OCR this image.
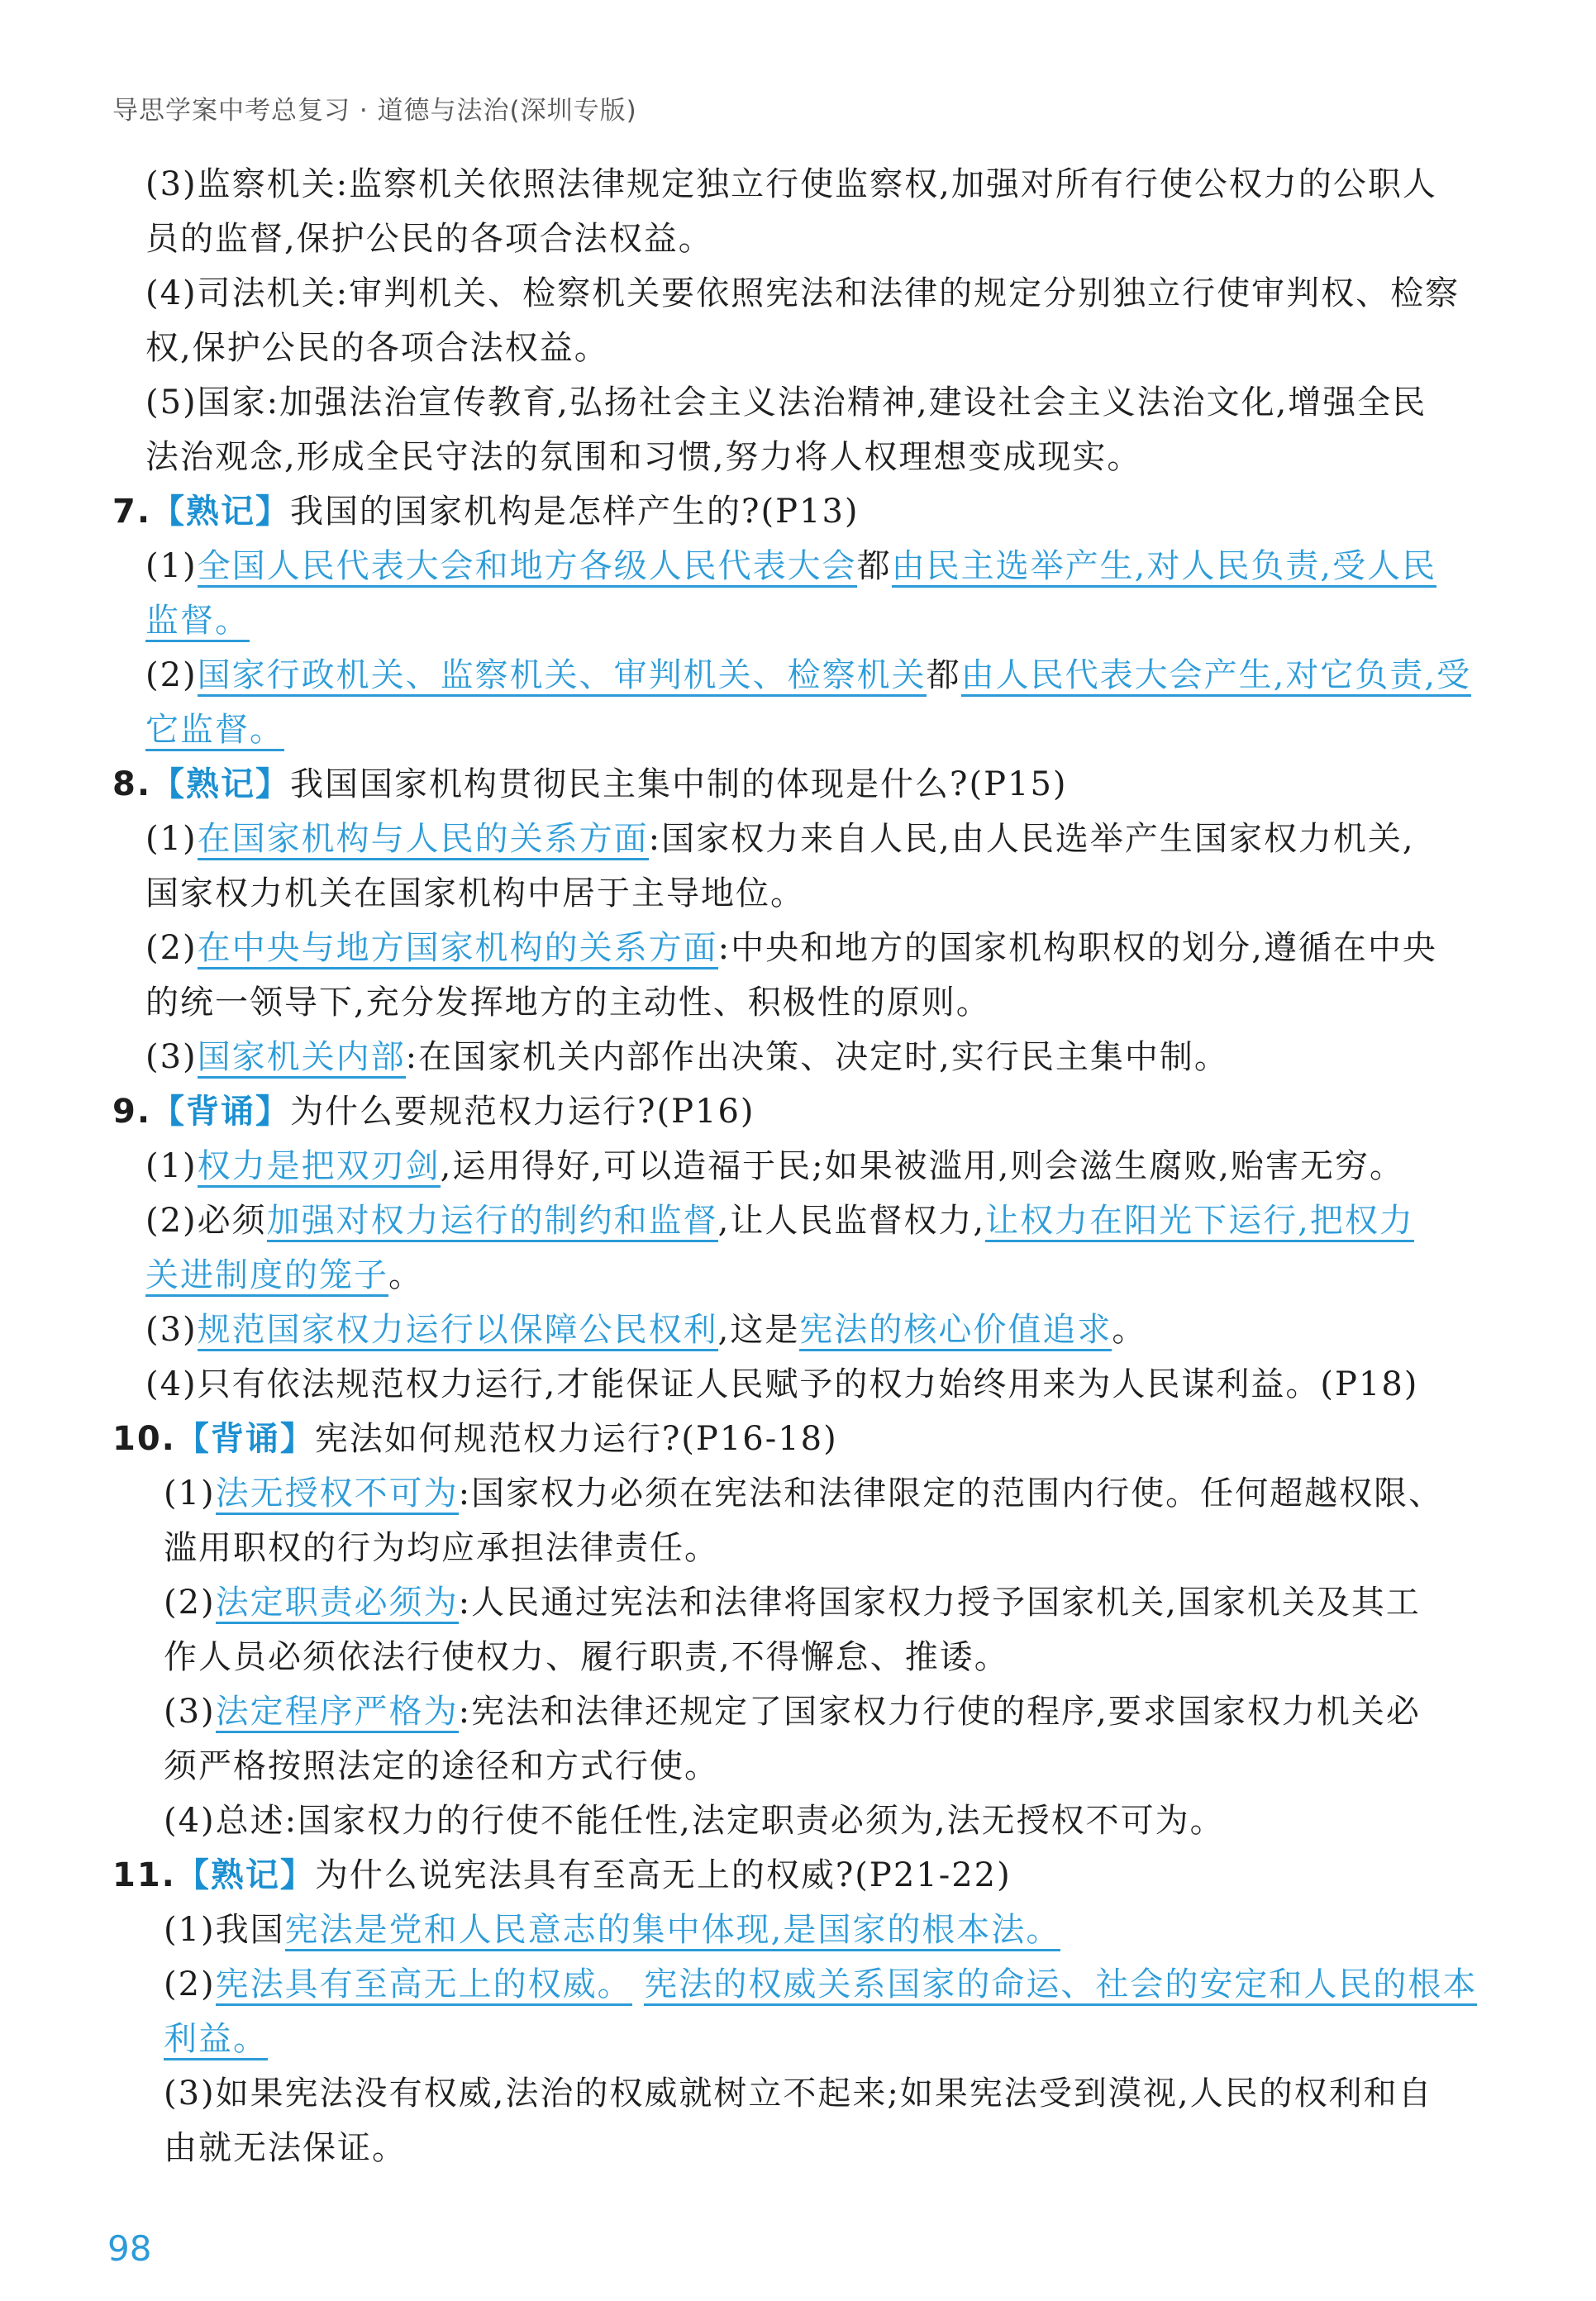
导思学案中考总复习 · 道德与法治(深圳专版)
(3)监察机关:监察机关依照法律规定独立行使监察权,加强对所有行使公权力的公职人
员的监督,保护公民的各项合法权益。
(4)司法机关:审判机关、检察机关要依照宪法和法律的规定分别独立行使审判权、检察
权,保护公民的各项合法权益。
(5)国家:加强法治宣传教育,弘扬社会主义法治精神,建设社会主义法治文化,增强全民
法治观念,形成全民守法的氛围和习惯,努力将人权理想变成现实。
7.【熟记】我国的国家机构是怎样产生的?(P13)
(1)全国人民代表大会和地方各级人民代表大会都由民主选举产生,对人民负责,受人民
监督。
(2)国家行政机关、监察机关、审判机关、检察机关都由人民代表大会产生,对它负责,受
它监督。
8.【熟记】我国国家机构贯彻民主集中制的体现是什么?(P15)
(1)在国家机构与人民的关系方面:国家权力来自人民,由人民选举产生国家权力机关,
国家权力机关在国家机构中居于主导地位。
(2)在中央与地方国家机构的关系方面:中央和地方的国家机构职权的划分,遵循在中央
的统一领导下,充分发挥地方的主动性、积极性的原则。
(3)国家机关内部:在国家机关内部作出决策、决定时,实行民主集中制。
9.【背诵】为什么要规范权力运行?(P16)
(1)权力是把双刃剑,运用得好,可以造福于民;如果被滥用,则会滋生腐败,贻害无穷。
(2)必须加强对权力运行的制约和监督,让人民监督权力,让权力在阳光下运行,把权力
关进制度的笼子。
(3)规范国家权力运行以保障公民权利,这是宪法的核心价值追求。
(4)只有依法规范权力运行,才能保证人民赋予的权力始终用来为人民谋利益。(P18)
10.【背诵】宪法如何规范权力运行?(P16-18)
(1)法无授权不可为:国家权力必须在宪法和法律限定的范围内行使。任何超越权限、
滥用职权的行为均应承担法律责任。
(2)法定职责必须为:人民通过宪法和法律将国家权力授予国家机关,国家机关及其工
作人员必须依法行使权力、履行职责,不得懈怠、推诿。
(3)法定程序严格为:宪法和法律还规定了国家权力行使的程序,要求国家权力机关必
须严格按照法定的途径和方式行使。
(4)总述:国家权力的行使不能任性,法定职责必须为,法无授权不可为。
11.【熟记】为什么说宪法具有至高无上的权威?(P21-22)
(1)我国宪法是党和人民意志的集中体现,是国家的根本法。
(2)宪法具有至高无上的权威。 宪法的权威关系国家的命运、社会的安定和人民的根本
利益。
(3)如果宪法没有权威,法治的权威就树立不起来;如果宪法受到漠视,人民的权利和自
由就无法保证。
98
